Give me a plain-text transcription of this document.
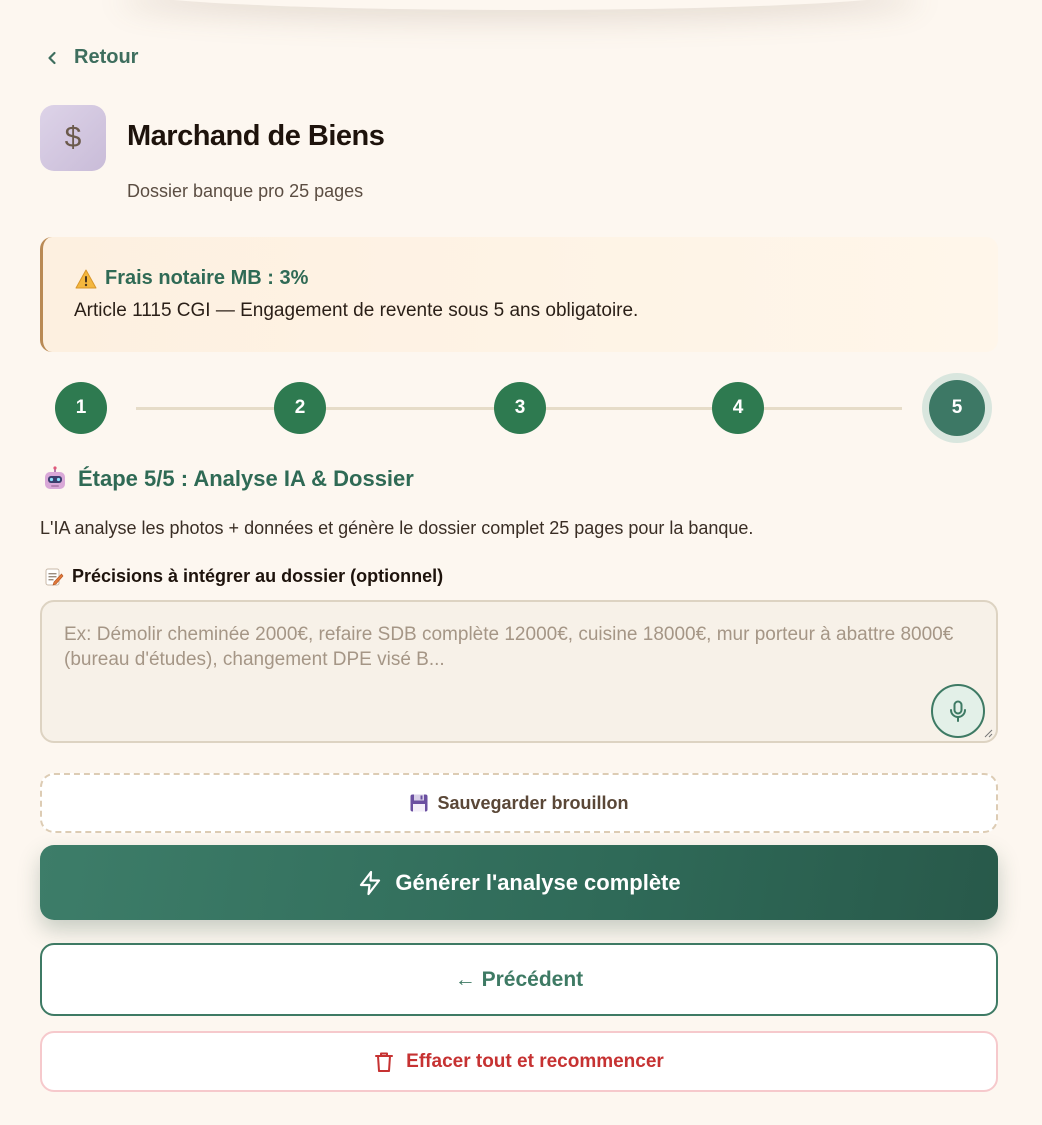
Retour
$ Marchand de Biens
Dossier banque pro 25 pages
Frais notaire MB : 3%
Article 1115 CGI — Engagement de revente sous 5 ans obligatoire.
1	2	3	4	5
Étape 5/5 : Analyse IA & Dossier
L'IA analyse les photos + données et génère le dossier complet 25 pages pour la banque.
Précisions à intégrer au dossier (optionnel)
Ex: Démolir cheminée 2000€, refaire SDB complète 12000€, cuisine 18000€, mur porteur à abattre 8000€ (bureau d'études), changement DPE visé B...
Sauvegarder brouillon
Générer l'analyse complète
← Précédent
Effacer tout et recommencer
